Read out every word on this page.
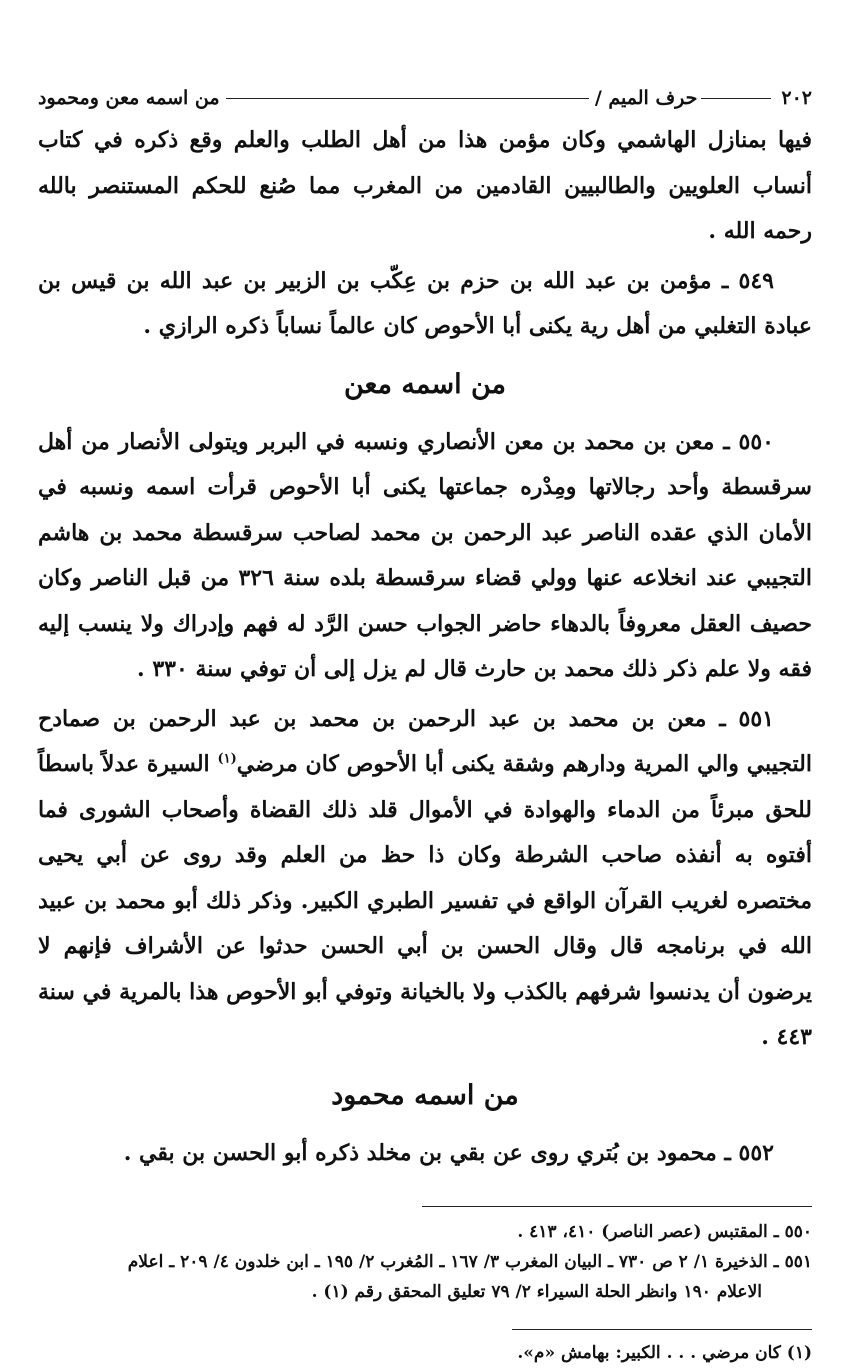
٢٠٢
حرف الميم /
من اسمه معن ومحمود

فيها بمنازل الهاشمي وكان مؤمن هذا من أهل الطلب والعلم وقع ذكره في كتاب أنساب العلويين والطالبيين القادمين من المغرب مما صُنع للحكم المستنصر بالله رحمه الله .

٥٤٩ ـ مؤمن بن عبد الله بن حزم بن عِكّب بن الزبير بن عبد الله بن قيس بن عبادة التغلبي من أهل رية يكنى أبا الأحوص كان عالماً نساباً ذكره الرازي .

من اسمه معن

٥٥٠ ـ معن بن محمد بن معن الأنصاري ونسبه في البربر ويتولى الأنصار من أهل سرقسطة وأحد رجالاتها ومِدْره جماعتها يكنى أبا الأحوص قرأت اسمه ونسبه في الأمان الذي عقده الناصر عبد الرحمن بن محمد لصاحب سرقسطة محمد بن هاشم التجيبي عند انخلاعه عنها وولي قضاء سرقسطة بلده سنة ٣٢٦ من قبل الناصر وكان حصيف العقل معروفاً بالدهاء حاضر الجواب حسن الرَّد له فهم وإدراك ولا ينسب إليه فقه ولا علم ذكر ذلك محمد بن حارث قال لم يزل إلى أن توفي سنة ٣٣٠ .

٥٥١ ـ معن بن محمد بن عبد الرحمن بن محمد بن عبد الرحمن بن صمادح التجيبي والي المرية ودارهم وشقة يكنى أبا الأحوص كان مرضي$^{(١)}$ السيرة عدلاً باسطاً للحق مبرئاً من الدماء والهوادة في الأموال قلد ذلك القضاة وأصحاب الشورى فما أفتوه به أنفذه صاحب الشرطة وكان ذا حظ من العلم وقد روى عن أبي يحيى مختصره لغريب القرآن الواقع في تفسير الطبري الكبير. وذكر ذلك أبو محمد بن عبيد الله في برنامجه قال وقال الحسن بن أبي الحسن حدثوا عن الأشراف فإنهم لا يرضون أن يدنسوا شرفهم بالكذب ولا بالخيانة وتوفي أبو الأحوص هذا بالمرية في سنة ٤٤٣ .

من اسمه محمود

٥٥٢ ـ محمود بن بُتري روى عن بقي بن مخلد ذكره أبو الحسن بن بقي .

٥٥٠ ـ المقتبس (عصر الناصر) ٤١٠، ٤١٣ .

٥٥١ ـ الذخيرة ١/ ٢ ص ٧٣٠ ـ البيان المغرب ٣/ ١٦٧ ـ المُغرب ٢/ ١٩٥ ـ ابن خلدون ٤/ ٢٠٩ ـ اعلام

الاعلام ١٩٠ وانظر الحلة السيراء ٢/ ٧٩ تعليق المحقق رقم (١) .

(١) كان مرضي . . . الكبير: بهامش «م».
